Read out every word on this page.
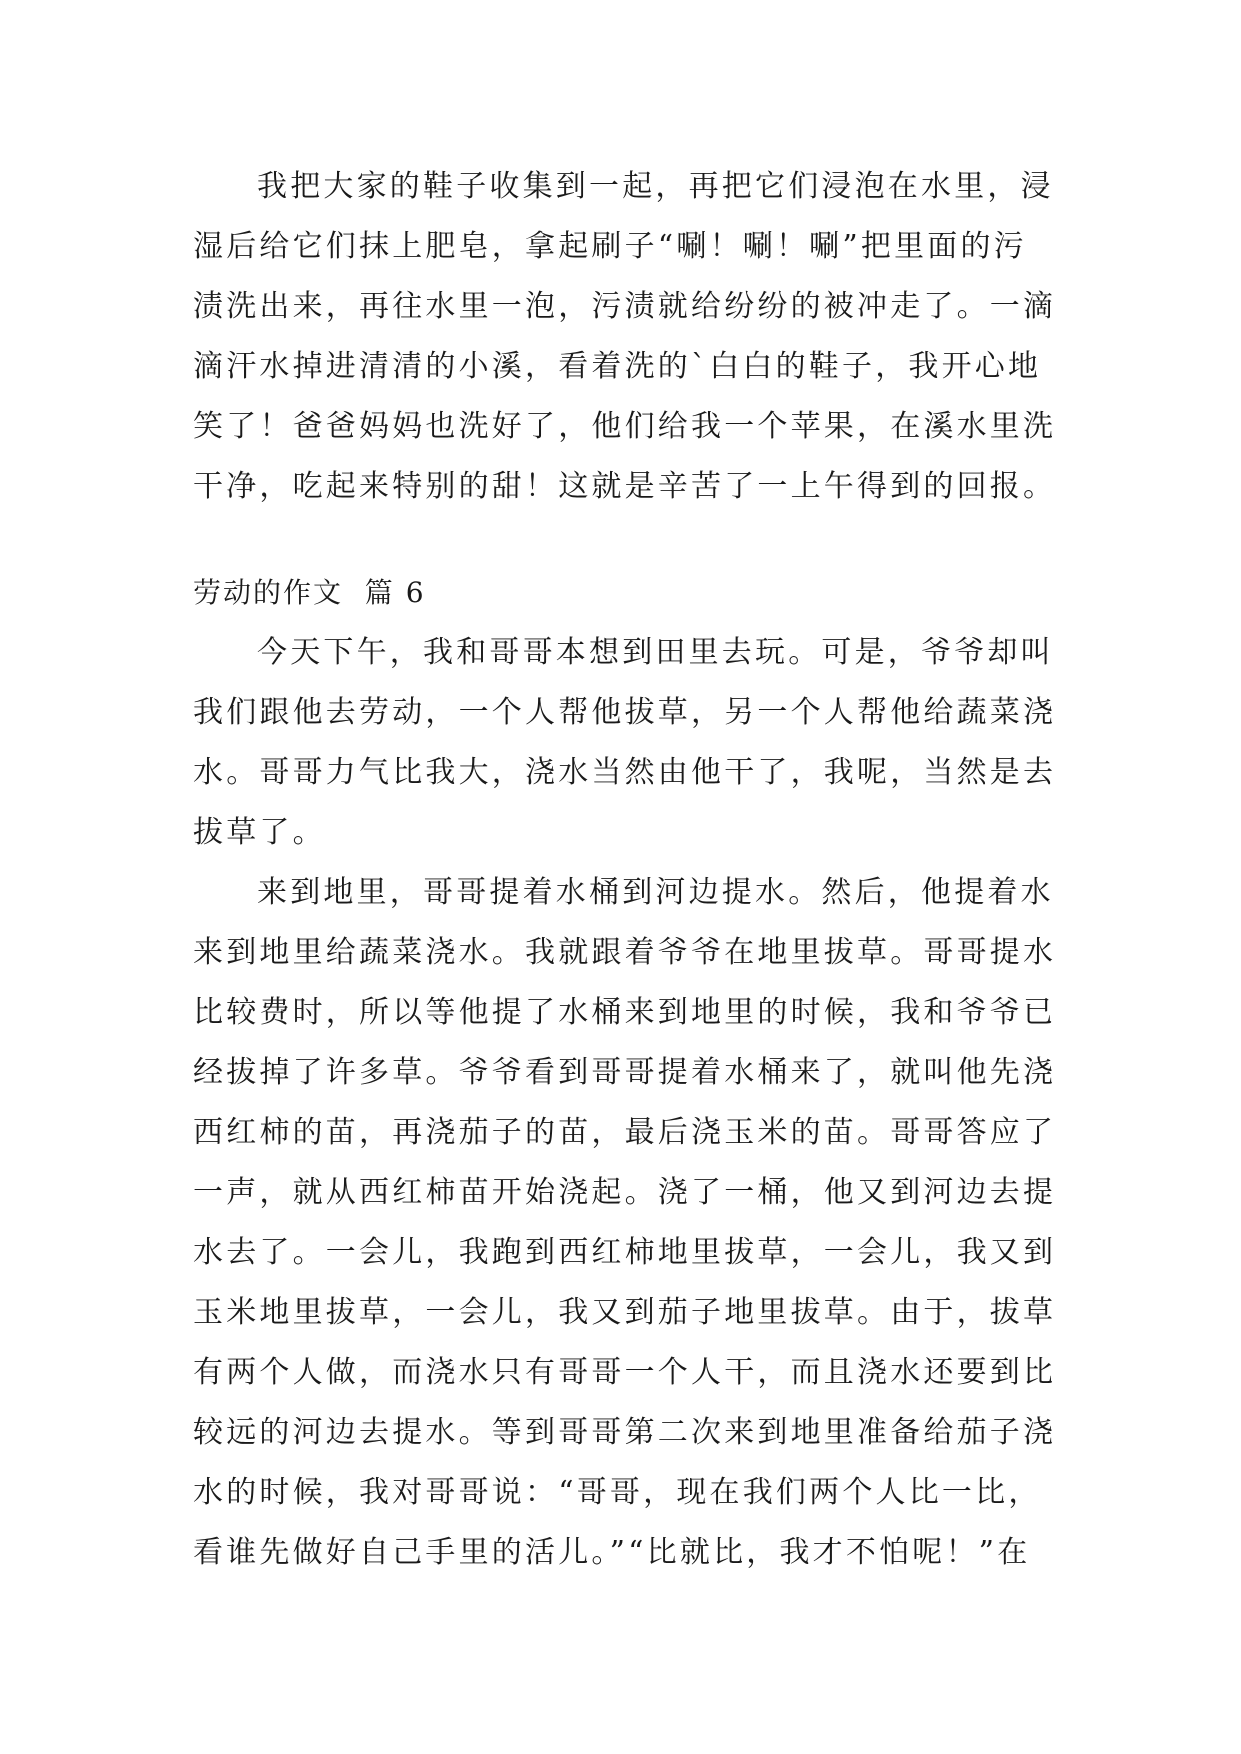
我把大家的鞋子收集到一起，再把它们浸泡在水里，浸
湿后给它们抹上肥皂，拿起刷子“唰！唰！唰”把里面的污
渍洗出来，再往水里一泡，污渍就给纷纷的被冲走了。一滴
滴汗水掉进清清的小溪，看着洗的`白白的鞋子，我开心地
笑了！爸爸妈妈也洗好了，他们给我一个苹果，在溪水里洗
干净，吃起来特别的甜！这就是辛苦了一上午得到的回报。
劳动的作文  篇 6
今天下午，我和哥哥本想到田里去玩。可是，爷爷却叫
我们跟他去劳动，一个人帮他拔草，另一个人帮他给蔬菜浇
水。哥哥力气比我大，浇水当然由他干了，我呢，当然是去
拔草了。
来到地里，哥哥提着水桶到河边提水。然后，他提着水
来到地里给蔬菜浇水。我就跟着爷爷在地里拔草。哥哥提水
比较费时，所以等他提了水桶来到地里的时候，我和爷爷已
经拔掉了许多草。爷爷看到哥哥提着水桶来了，就叫他先浇
西红柿的苗，再浇茄子的苗，最后浇玉米的苗。哥哥答应了
一声，就从西红柿苗开始浇起。浇了一桶，他又到河边去提
水去了。一会儿，我跑到西红柿地里拔草，一会儿，我又到
玉米地里拔草，一会儿，我又到茄子地里拔草。由于，拔草
有两个人做，而浇水只有哥哥一个人干，而且浇水还要到比
较远的河边去提水。等到哥哥第二次来到地里准备给茄子浇
水的时候，我对哥哥说：“哥哥，现在我们两个人比一比，
看谁先做好自己手里的活儿。”“比就比，我才不怕呢！”在
